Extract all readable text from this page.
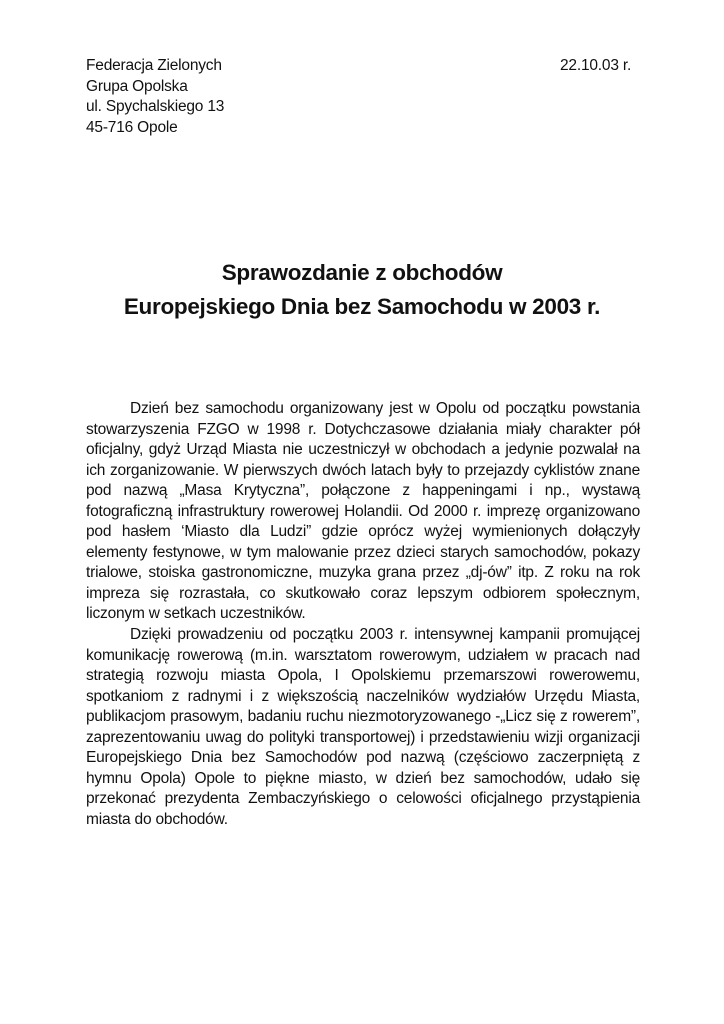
Federacja Zielonych
Grupa Opolska
ul. Spychalskiego 13
45-716 Opole
22.10.03 r.
Sprawozdanie z obchodów
Europejskiego Dnia bez Samochodu w 2003 r.

Dzień bez samochodu organizowany jest w Opolu od początku powstania stowarzyszenia FZGO w 1998 r. Dotychczasowe działania miały charakter pół oficjalny, gdyż Urząd Miasta nie uczestniczył w obchodach a jedynie pozwalał na ich zorganizowanie. W pierwszych dwóch latach były to przejazdy cyklistów znane pod nazwą „Masa Krytyczna”, połączone z happeningami i np., wystawą fotograficzną infrastruktury rowerowej Holandii. Od 2000 r. imprezę organizowano pod hasłem ‘Miasto dla Ludzi” gdzie oprócz wyżej wymienionych dołączyły elementy festynowe, w tym malowanie przez dzieci starych samochodów, pokazy trialowe, stoiska gastronomiczne, muzyka grana przez „dj-ów” itp. Z roku na rok impreza się rozrastała, co skutkowało coraz lepszym odbiorem społecznym, liczonym w setkach uczestników.

Dzięki prowadzeniu od początku 2003 r. intensywnej kampanii promującej komunikację rowerową (m.in. warsztatom rowerowym, udziałem w pracach nad strategią rozwoju miasta Opola, I Opolskiemu przemarszowi rowerowemu, spotkaniom z radnymi i z większością naczelników wydziałów Urzędu Miasta, publikacjom prasowym, badaniu ruchu niezmotoryzowanego -„Licz się z rowerem”, zaprezentowaniu uwag do polityki transportowej) i przedstawieniu wizji organizacji Europejskiego Dnia bez Samochodów pod nazwą (częściowo zaczerpniętą z hymnu Opola) Opole to piękne miasto, w dzień bez samochodów, udało się przekonać prezydenta Zembaczyńskiego o celowości oficjalnego przystąpienia miasta do obchodów.
